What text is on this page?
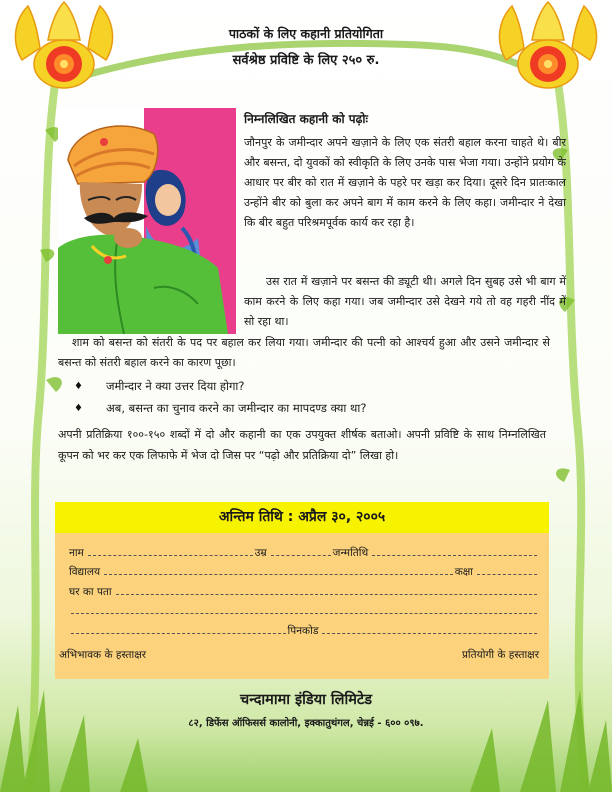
पाठकों के लिए कहानी प्रतियोगिता
सर्वश्रेष्ठ प्रविष्टि के लिए २५० रु.
निम्नलिखित कहानी को पढ़ोः

जौनपुर के जमीन्दार अपने खज़ाने के लिए एक संतरी बहाल करना चाहते थे। बीर और बसन्त, दो युवकों को स्वीकृति के लिए उनके पास भेजा गया। उन्होंने प्रयोग के आधार पर बीर को रात में खज़ाने के पहरे पर खड़ा कर दिया। दूसरे दिन प्रातःकाल उन्होंने बीर को बुला कर अपने बाग में काम करने के लिए कहा। जमीन्दार ने देखा कि बीर बहुत परिश्रमपूर्वक कार्य कर रहा है।

उस रात में खज़ाने पर बसन्त की ड्यूटी थी। अगले दिन सुबह उसे भी बाग में काम करने के लिए कहा गया। जब जमीन्दार उसे देखने गये तो वह गहरी नींद में सो रहा था।

शाम को बसन्त को संतरी के पद पर बहाल कर लिया गया। जमीन्दार की पत्नी को आश्चर्य हुआ और उसने जमीन्दार से बसन्त को संतरी बहाल करने का कारण पूछा।

♦	जमीन्दार ने क्या उत्तर दिया होगा?
♦	अब, बसन्त का चुनाव करने का जमीन्दार का मापदण्ड क्या था?

अपनी प्रतिक्रिया १००-१५० शब्दों में दो और कहानी का एक उपयुक्त शीर्षक बताओ। अपनी प्रविष्टि के साथ निम्नलिखित कूपन को भर कर एक लिफाफे में भेज दो जिस पर “पढ़ो और प्रतिक्रिया दो” लिखा हो।

अन्तिम तिथि : अप्रैल ३०, २००५
नाम	उम्र	जन्मतिथि
विद्यालय	कक्षा
घर का पता
पिनकोड
अभिभावक के हस्ताक्षर	प्रतियोगी के हस्ताक्षर
चन्दामामा इंडिया लिमिटेड
८२, डिफेंस ऑफिसर्स कालोनी, इक्कातुथंगल, चेन्नई - ६०० ०९७.
